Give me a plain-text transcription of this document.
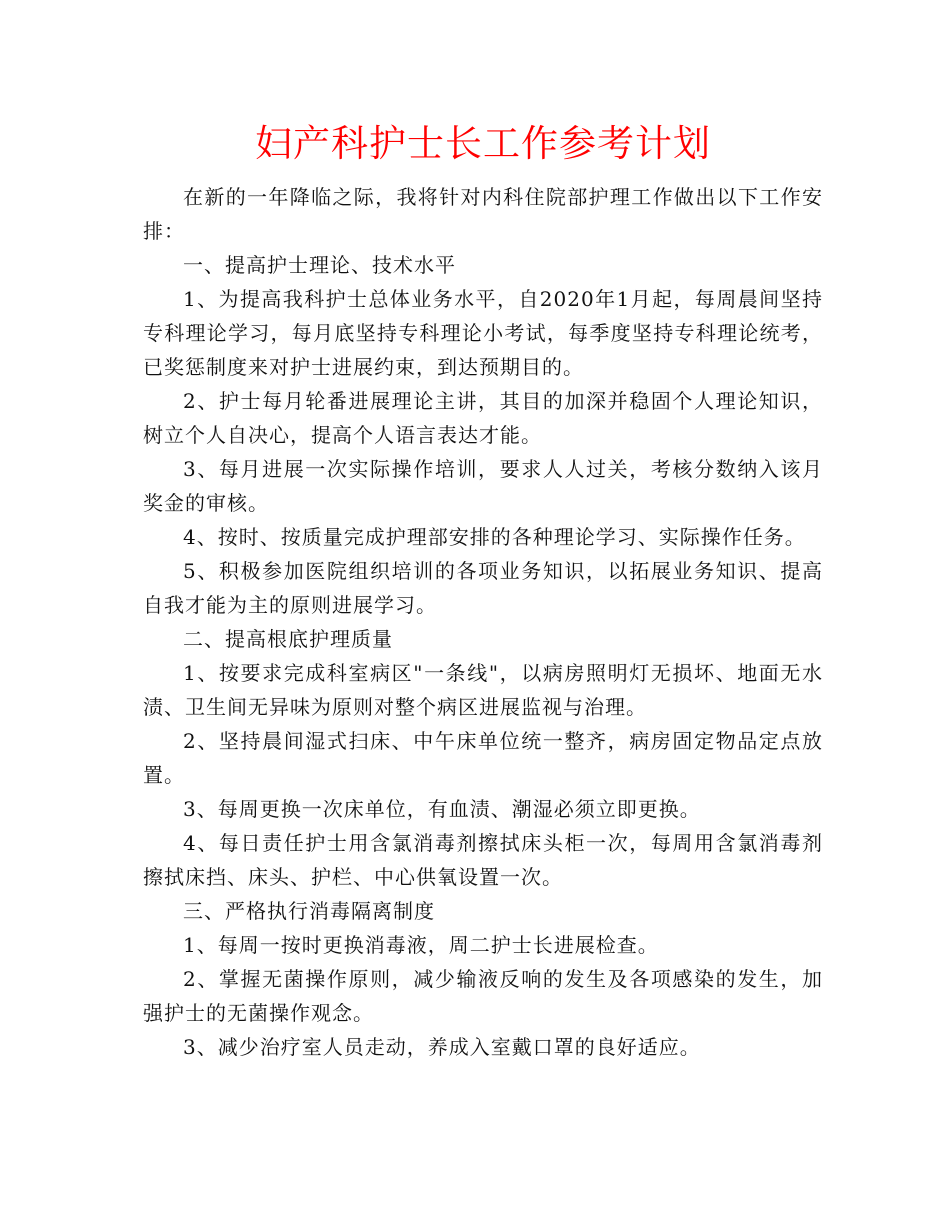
妇产科护士长工作参考计划

在新的一年降临之际，我将针对内科住院部护理工作做出以下工作安排：

一、提高护士理论、技术水平

1、为提高我科护士总体业务水平，自2020年1月起，每周晨间坚持专科理论学习，每月底坚持专科理论小考试，每季度坚持专科理论统考，已奖惩制度来对护士进展约束，到达预期目的。

2、护士每月轮番进展理论主讲，其目的加深并稳固个人理论知识，树立个人自决心，提高个人语言表达才能。

3、每月进展一次实际操作培训，要求人人过关，考核分数纳入该月奖金的审核。

4、按时、按质量完成护理部安排的各种理论学习、实际操作任务。

5、积极参加医院组织培训的各项业务知识，以拓展业务知识、提高自我才能为主的原则进展学习。

二、提高根底护理质量

1、按要求完成科室病区"一条线"，以病房照明灯无损坏、地面无水渍、卫生间无异味为原则对整个病区进展监视与治理。

2、坚持晨间湿式扫床、中午床单位统一整齐，病房固定物品定点放置。

3、每周更换一次床单位，有血渍、潮湿必须立即更换。

4、每日责任护士用含氯消毒剂擦拭床头柜一次，每周用含氯消毒剂擦拭床挡、床头、护栏、中心供氧设置一次。

三、严格执行消毒隔离制度

1、每周一按时更换消毒液，周二护士长进展检查。

2、掌握无菌操作原则，减少输液反响的发生及各项感染的发生，加强护士的无菌操作观念。

3、减少治疗室人员走动，养成入室戴口罩的良好适应。
